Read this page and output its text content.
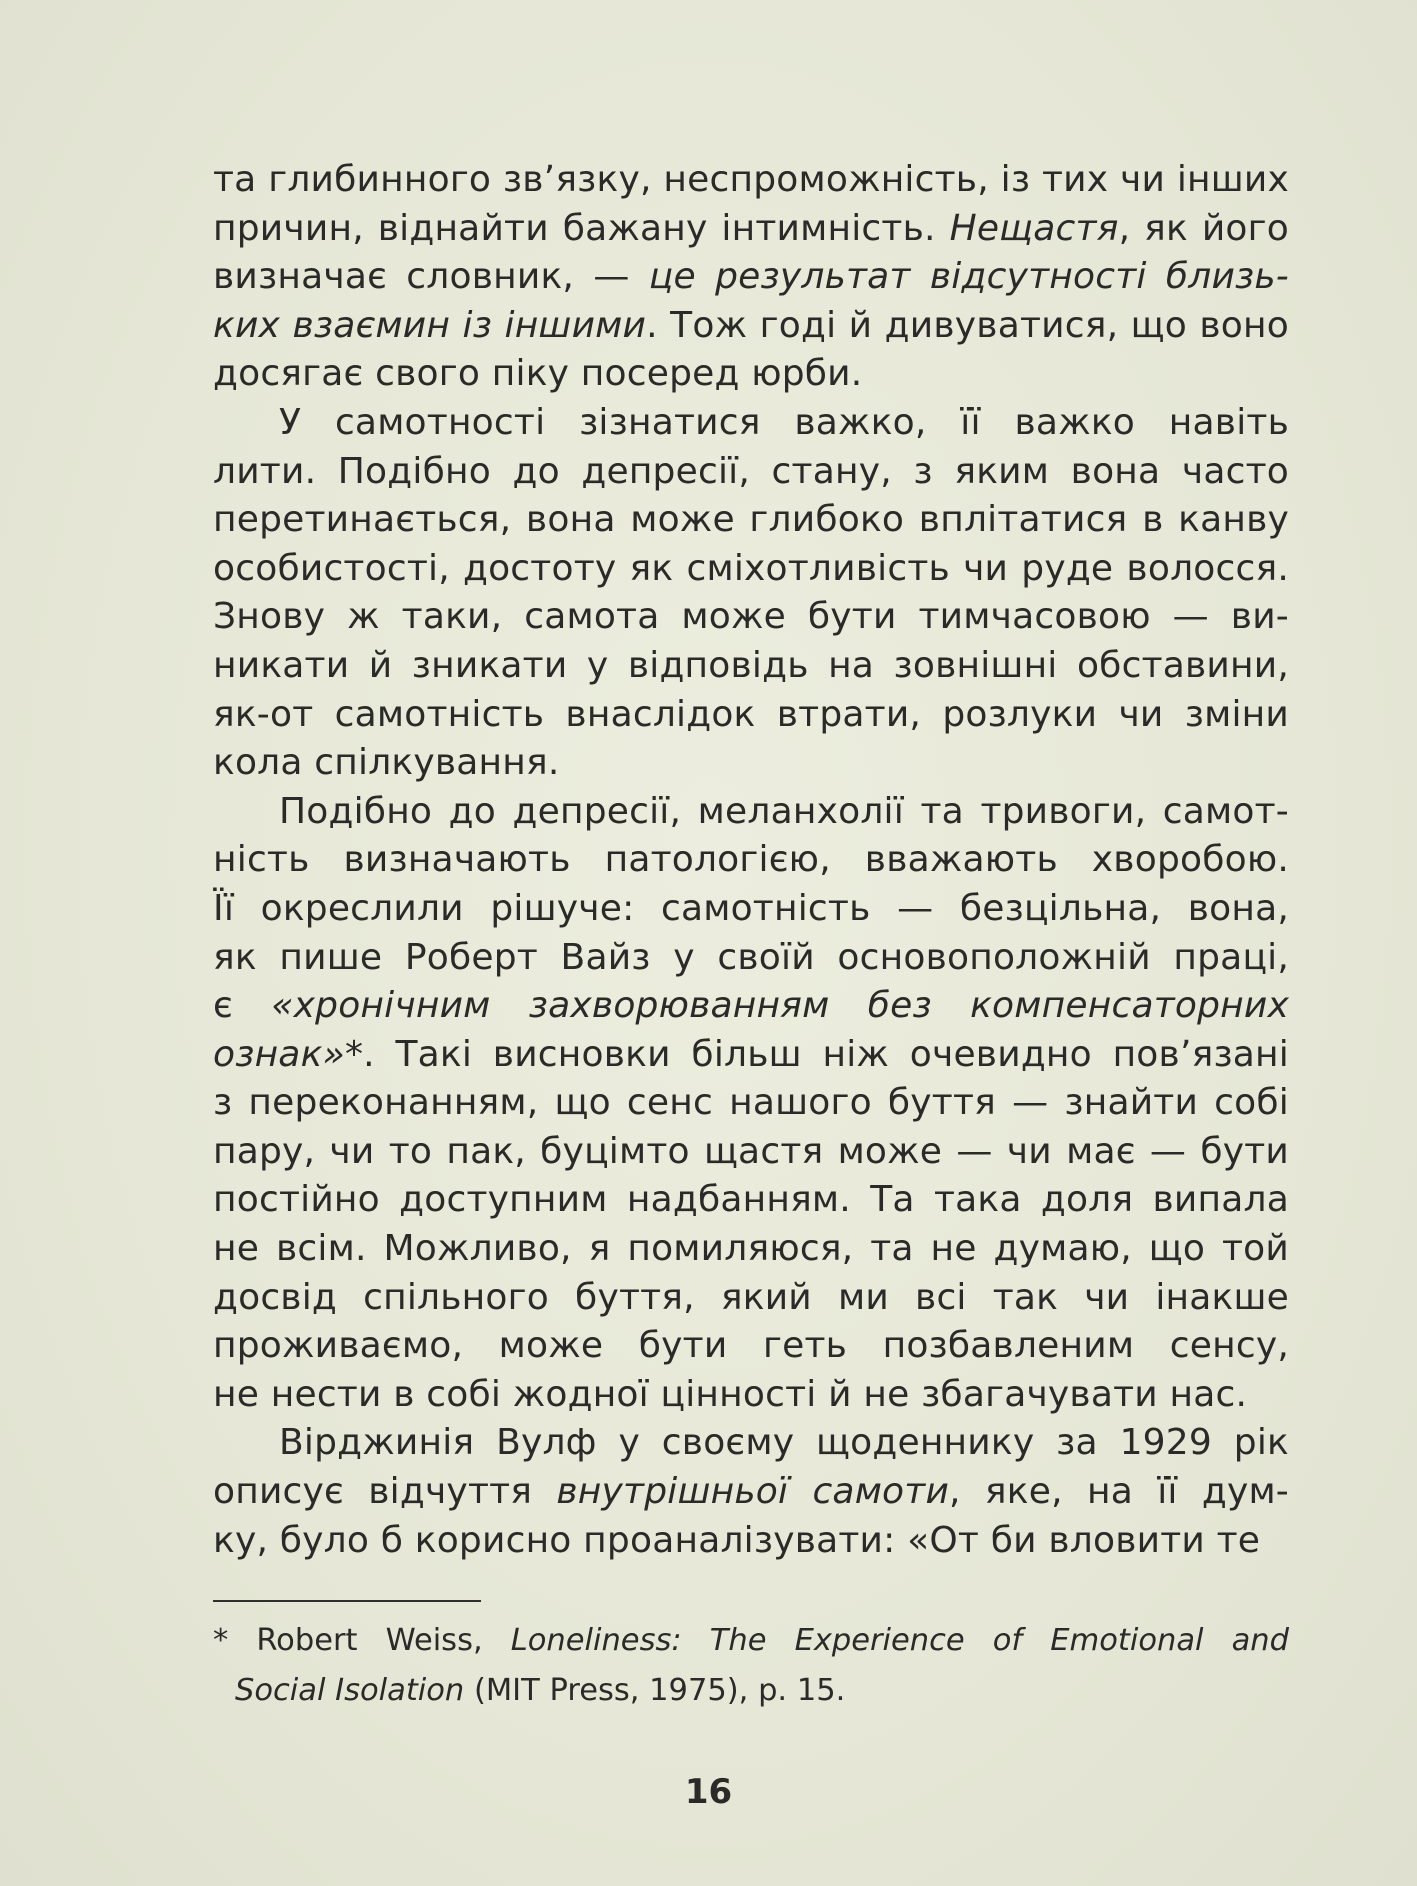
та глибинного зв’язку, неспроможність, із тих чи інших
причин, віднайти бажану інтимність. Нещастя, як його
визначає словник, — це результат відсутності близь-
ких взаємин із іншими. Тож годі й дивуватися, що воно
досягає свого піку посеред юрби.
У самотності зізнатися важко, її важко навіть
лити. Подібно до депресії, стану, з яким вона часто
перетинається, вона може глибоко вплітатися в канву
особистості, достоту як сміхотливість чи руде волосся.
Знову ж таки, самота може бути тимчасовою — ви-
никати й зникати у відповідь на зовнішні обставини,
як-от самотність внаслідок втрати, розлуки чи зміни
кола спілкування.
Подібно до депресії, меланхолії та тривоги, самот-
ність визначають патологією, вважають хворобою.
Її окреслили рішуче: самотність — безцільна, вона,
як пише Роберт Вайз у своїй основоположній праці,
є «хронічним захворюванням без компенсаторних
ознак»*. Такі висновки більш ніж очевидно пов’язані
з переконанням, що сенс нашого буття — знайти собі
пару, чи то пак, буцімто щастя може — чи має — бути
постійно доступним надбанням. Та така доля випала
не всім. Можливо, я помиляюся, та не думаю, що той
досвід спільного буття, який ми всі так чи інакше
проживаємо, може бути геть позбавленим сенсу,
не нести в собі жодної цінності й не збагачувати нас.
Вірджинія Вулф у своєму щоденнику за 1929 рік
описує відчуття внутрішньої самоти, яке, на її дум-
ку, було б корисно проаналізувати: «От би вловити те
* Robert Weiss, Loneliness: The Experience of Emotional and
Social Isolation (MIT Press, 1975), p. 15.
16
